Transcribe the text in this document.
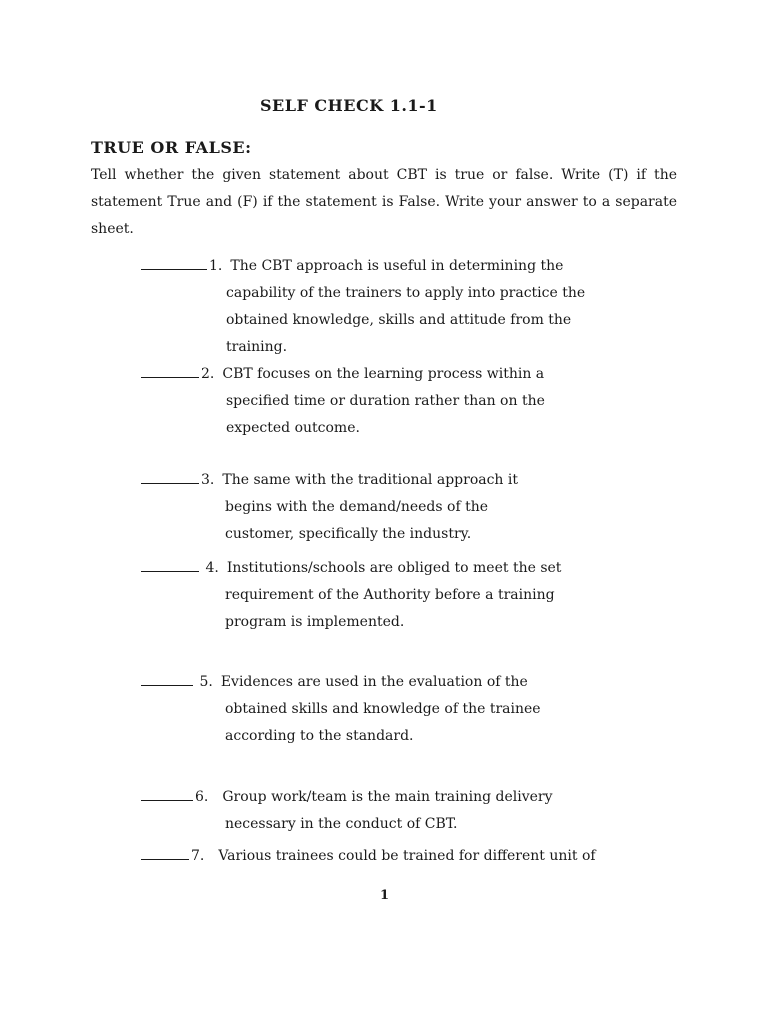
SELF CHECK 1.1-1
TRUE OR FALSE:
Tell whether the given statement about CBT is true or false. Write (T) if the statement True and (F) if the statement is False. Write your answer to a separate sheet.
1. The CBT approach is useful in determining the
capability of the trainers to apply into practice the
obtained knowledge, skills and attitude from the
training.
2. CBT focuses on the learning process within a
specified time or duration rather than on the
expected outcome.
3. The same with the traditional approach it
begins with the demand/needs of the
customer, specifically the industry.
4. Institutions/schools are obliged to meet the set
requirement of the Authority before a training
program is implemented.
5. Evidences are used in the evaluation of the
obtained skills and knowledge of the trainee
according to the standard.
6. Group work/team is the main training delivery
necessary in the conduct of CBT.
7. Various trainees could be trained for different unit of
1
